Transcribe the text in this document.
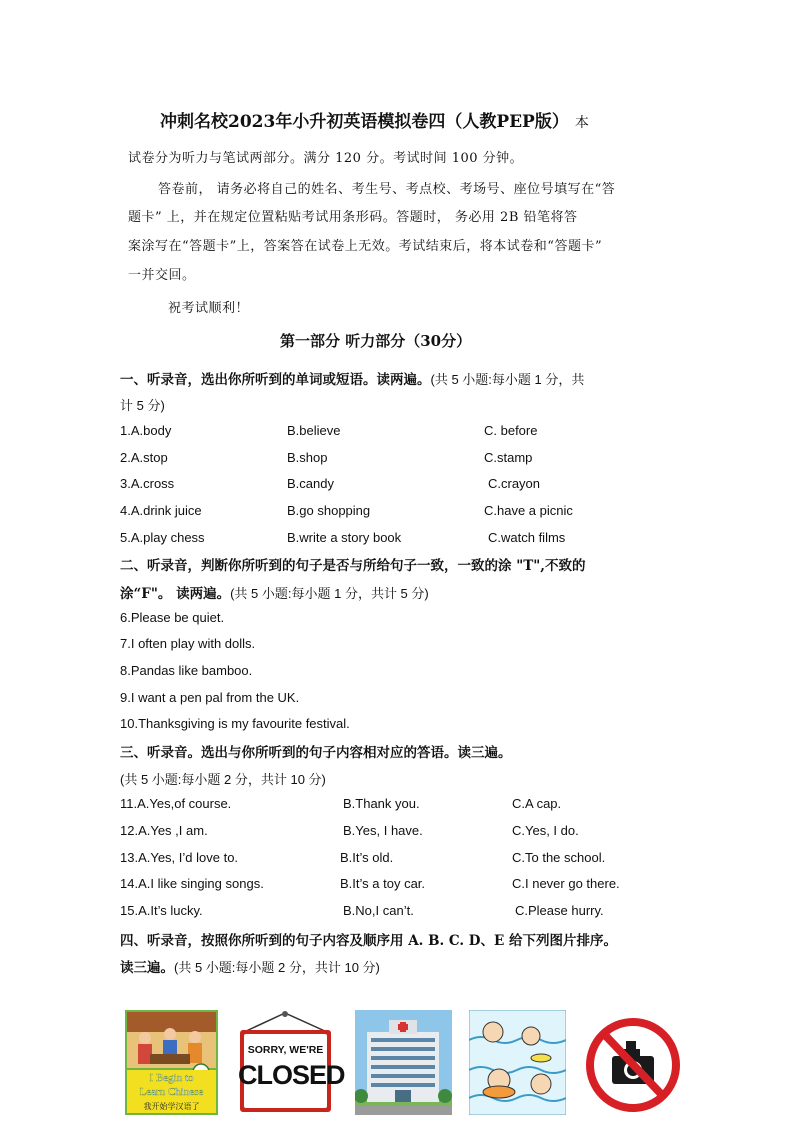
冲刺名校2023年小升初英语模拟卷四（人教PEP版） 本
试卷分为听力与笔试两部分。满分 120 分。考试时间 100 分钟。
答卷前， 请务必将自己的姓名、考生号、考点校、考场号、座位号填写在“答
题卡” 上，并在规定位置粘贴考试用条形码。答题时， 务必用 2B 铅笔将答
案涂写在“答题卡”上，答案答在试卷上无效。考试结束后，将本试卷和“答题卡”
一并交回。
祝考试顺利！
第一部分 听力部分（30分）
一、听录音，选出你所听到的单词或短语。读两遍。(共 5 小题:每小题 1 分，共
计 5 分)
1.A.body	B.believe	C. before
2.A.stop	B.shop	C.stamp
3.A.cross	B.candy	C.crayon
4.A.drink juice	B.go shopping	C.have a picnic
5.A.play chess	B.write a story book	C.watch films
二、听录音，判断你所听到的句子是否与所给句子一致，一致的涂 "T",不致的
涂“F"。 读两遍。(共 5 小题:每小题 1 分，共计 5 分)
6.Please be quiet.
7.I often play with dolls.
8.Pandas like bamboo.
9.I want a pen pal from the UK.
10.Thanksgiving is my favourite festival.
三、听录音。选出与你所听到的句子内容相对应的答语。读三遍。
(共 5 小题:每小题 2 分，共计 10 分)
11.A.Yes,of course.	B.Thank you.	C.A cap.
12.A.Yes ,I am.	B.Yes, I have.	C.Yes, I do.
13.A.Yes, I’d love to.	B.It’s old.	C.To the school.
14.A.I like singing songs.	B.It’s a toy car.	C.I never go there.
15.A.It’s lucky.	B.No,I can’t.	C.Please hurry.
四、听录音，按照你所听到的句子内容及顺序用 A. B. C. D、E 给下列图片排序。
读三遍。(共 5 小题:每小题 2 分，共计 10 分)
I Begin to
Learn Chinese
我开始学汉语了
SORRY, WE'RE
CLOSED
